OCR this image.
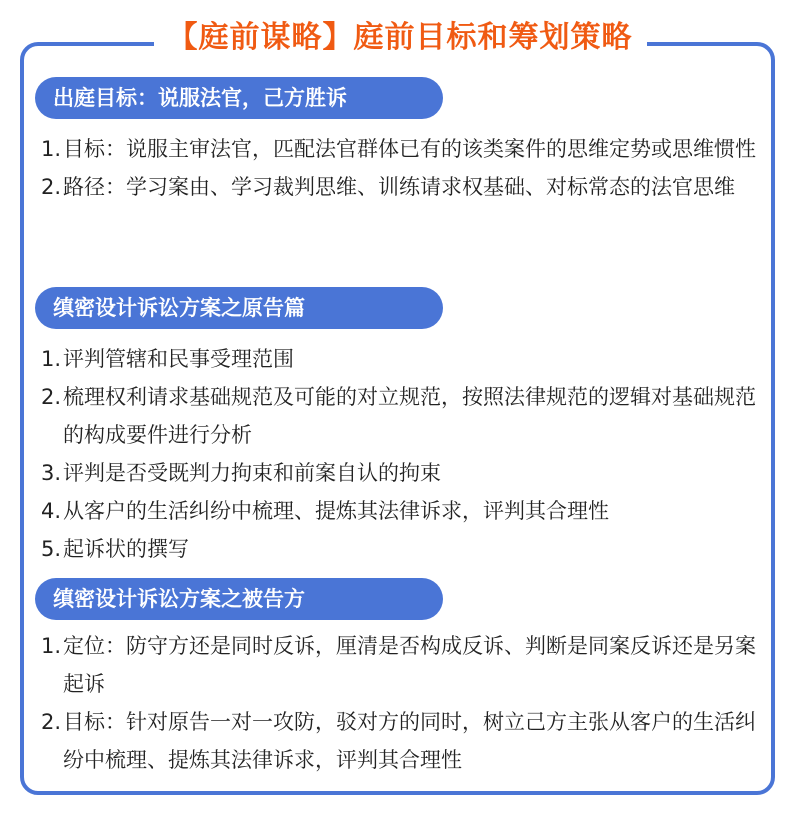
【庭前谋略】庭前目标和筹划策略
出庭目标：说服法官，己方胜诉
1. 目标：说服主审法官，匹配法官群体已有的该类案件的思维定势或思维惯性
2. 路径：学习案由、学习裁判思维、训练请求权基础、对标常态的法官思维
缜密设计诉讼方案之原告篇
1. 评判管辖和民事受理范围
2. 梳理权利请求基础规范及可能的对立规范，按照法律规范的逻辑对基础规范的构成要件进行分析
3. 评判是否受既判力拘束和前案自认的拘束
4. 从客户的生活纠纷中梳理、提炼其法律诉求，评判其合理性
5. 起诉状的撰写
缜密设计诉讼方案之被告方
1. 定位：防守方还是同时反诉，厘清是否构成反诉、判断是同案反诉还是另案起诉
2. 目标：针对原告一对一攻防，驳对方的同时，树立己方主张从客户的生活纠纷中梳理、提炼其法律诉求，评判其合理性
